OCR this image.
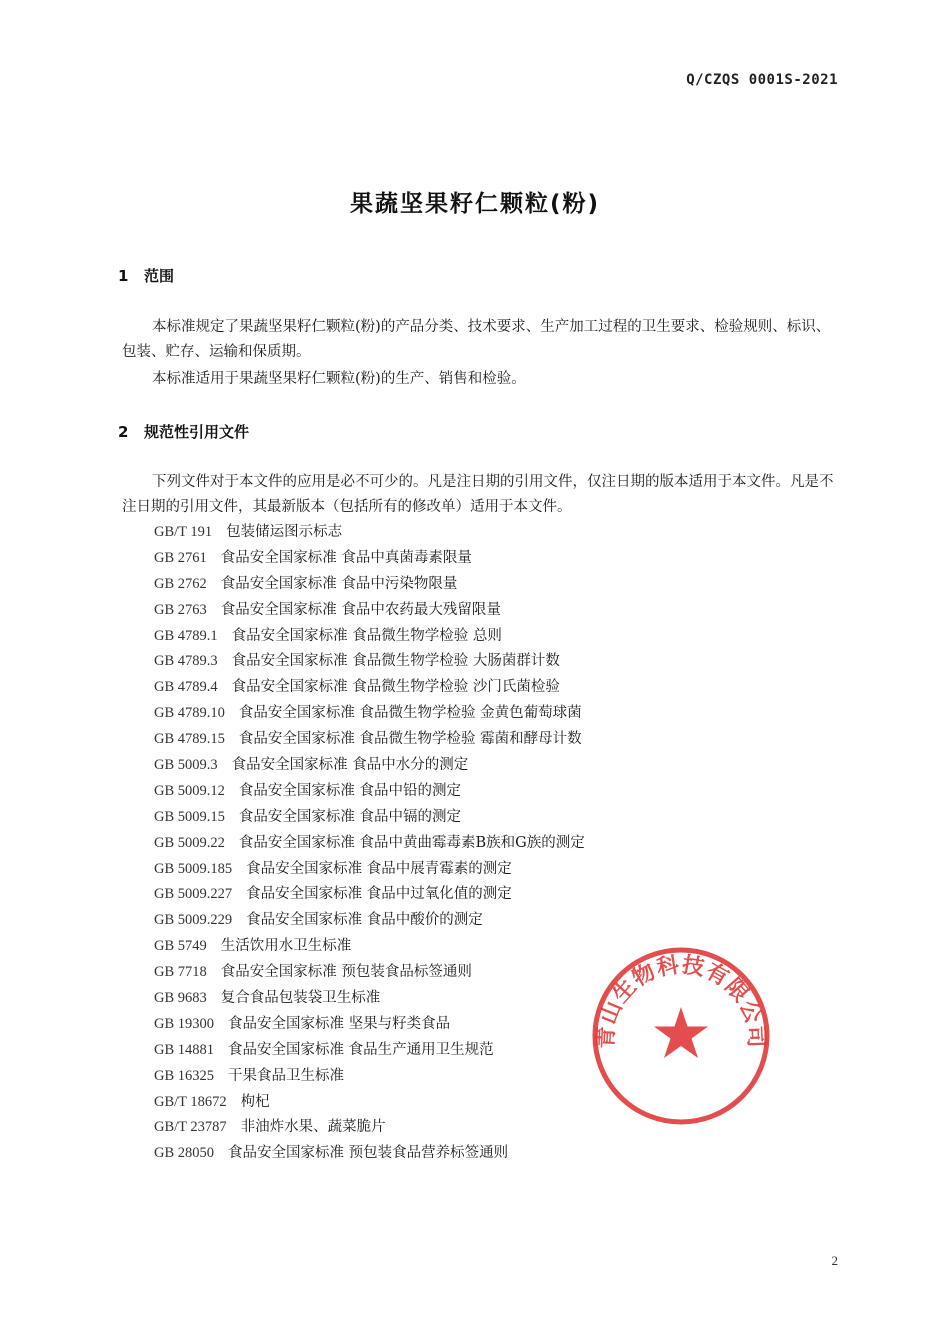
Q/CZQS 0001S-2021
果蔬坚果籽仁颗粒(粉)
1 范围

本标准规定了果蔬坚果籽仁颗粒(粉)的产品分类、技术要求、生产加工过程的卫生要求、检验规则、标识、包装、贮存、运输和保质期。

本标准适用于果蔬坚果籽仁颗粒(粉)的生产、销售和检验。

2 规范性引用文件

下列文件对于本文件的应用是必不可少的。凡是注日期的引用文件，仅注日期的版本适用于本文件。凡是不注日期的引用文件，其最新版本（包括所有的修改单）适用于本文件。

GB/T 191 包装储运图示标志
GB 2761 食品安全国家标准 食品中真菌毒素限量
GB 2762 食品安全国家标准 食品中污染物限量
GB 2763 食品安全国家标准 食品中农药最大残留限量
GB 4789.1 食品安全国家标准 食品微生物学检验 总则
GB 4789.3 食品安全国家标准 食品微生物学检验 大肠菌群计数
GB 4789.4 食品安全国家标准 食品微生物学检验 沙门氏菌检验
GB 4789.10 食品安全国家标准 食品微生物学检验 金黄色葡萄球菌
GB 4789.15 食品安全国家标准 食品微生物学检验 霉菌和酵母计数
GB 5009.3 食品安全国家标准 食品中水分的测定
GB 5009.12 食品安全国家标准 食品中铅的测定
GB 5009.15 食品安全国家标准 食品中镉的测定
GB 5009.22 食品安全国家标准 食品中黄曲霉毒素B族和G族的测定
GB 5009.185 食品安全国家标准 食品中展青霉素的测定
GB 5009.227 食品安全国家标准 食品中过氧化值的测定
GB 5009.229 食品安全国家标准 食品中酸价的测定
GB 5749 生活饮用水卫生标准
GB 7718 食品安全国家标准 预包装食品标签通则
GB 9683 复合食品包装袋卫生标准
GB 19300 食品安全国家标准 坚果与籽类食品
GB 14881 食品安全国家标准 食品生产通用卫生规范
GB 16325 干果食品卫生标准
GB/T 18672 枸杞
GB/T 23787 非油炸水果、蔬菜脆片
GB 28050 食品安全国家标准 预包装食品营养标签通则
青山生物科技有限公司
2
